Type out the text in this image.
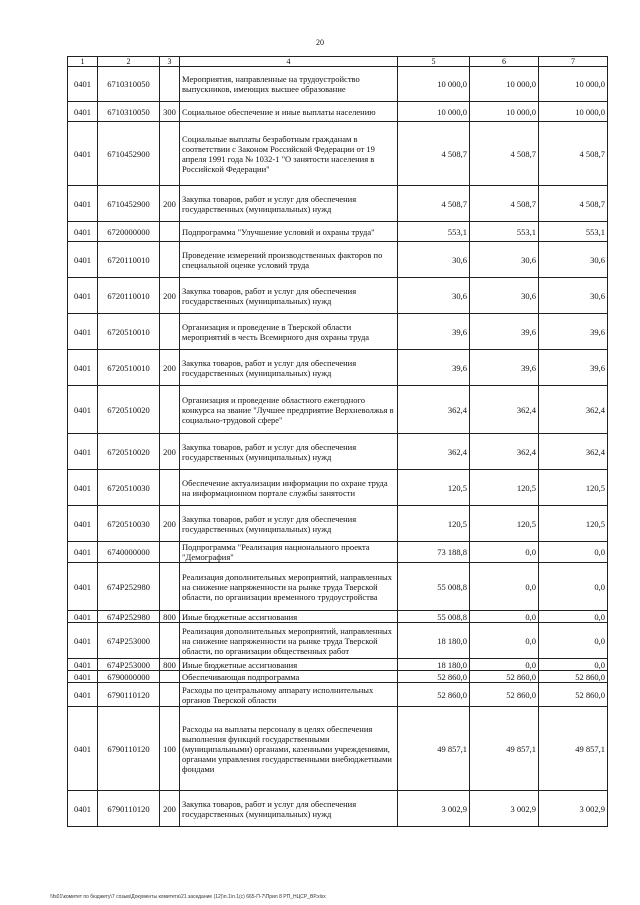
20
1	2	3	4	5	6	7
0401	6710310050		Мероприятия, направленные на трудоустройство выпускников, имеющих высшее образование	10 000,0	10 000,0	10 000,0
0401	6710310050	300	Социальное обеспечение и иные выплаты населению	10 000,0	10 000,0	10 000,0
0401	6710452900		Социальные выплаты безработным гражданам в соответствии с Законом Российской Федерации от 19 апреля 1991 года № 1032-1 "О занятости населения в Российской Федерации"	4 508,7	4 508,7	4 508,7
0401	6710452900	200	Закупка товаров, работ и услуг для обеспечения государственных (муниципальных) нужд	4 508,7	4 508,7	4 508,7
0401	6720000000		Подпрограмма "Улучшение условий и охраны труда"	553,1	553,1	553,1
0401	6720110010		Проведение измерений производственных факторов по специальной оценке условий труда	30,6	30,6	30,6
0401	6720110010	200	Закупка товаров, работ и услуг для обеспечения государственных (муниципальных) нужд	30,6	30,6	30,6
0401	6720510010		Организация и проведение в Тверской области мероприятий в честь Всемирного дня охраны труда	39,6	39,6	39,6
0401	6720510010	200	Закупка товаров, работ и услуг для обеспечения государственных (муниципальных) нужд	39,6	39,6	39,6
0401	6720510020		Организация и проведение областного ежегодного конкурса на звание "Лучшее предприятие Верхневолжья в социально-трудовой сфере"	362,4	362,4	362,4
0401	6720510020	200	Закупка товаров, работ и услуг для обеспечения государственных (муниципальных) нужд	362,4	362,4	362,4
0401	6720510030		Обеспечение актуализации информации по охране труда на информационном портале службы занятости	120,5	120,5	120,5
0401	6720510030	200	Закупка товаров, работ и услуг для обеспечения государственных (муниципальных) нужд	120,5	120,5	120,5
0401	6740000000		Подпрограмма "Реализация национального проекта "Демография"	73 188,8	0,0	0,0
0401	674P252980		Реализация дополнительных мероприятий, направленных на снижение напряженности на рынке труда Тверской области, по организации временного трудоустройства	55 008,8	0,0	0,0
0401	674P252980	800	Иные бюджетные ассигнования	55 008,8	0,0	0,0
0401	674P253000		Реализация дополнительных мероприятий, направленных на снижение напряженности на рынке труда Тверской области, по организации общественных работ	18 180,0	0,0	0,0
0401	674P253000	800	Иные бюджетные ассигнования	18 180,0	0,0	0,0
0401	6790000000		Обеспечивающая подпрограмма	52 860,0	52 860,0	52 860,0
0401	6790110120		Расходы по центральному аппарату исполнительных органов Тверской области	52 860,0	52 860,0	52 860,0
0401	6790110120	100	Расходы на выплаты персоналу в целях обеспечения выполнения функций государственными (муниципальными) органами, казенными учреждениями, органами управления государственными внебюджетными фондами	49 857,1	49 857,1	49 857,1
0401	6790110120	200	Закупка товаров, работ и услуг для обеспечения государственных (муниципальных) нужд	3 002,9	3 002,9	3 002,9
\\fs01\комитет по бюджету\7 созыв\Документы комитета\21 заседание (12)\п.1\п.1(с) 665-П-7\Прил 8 РП_НЦСР_ВР.xlsx
